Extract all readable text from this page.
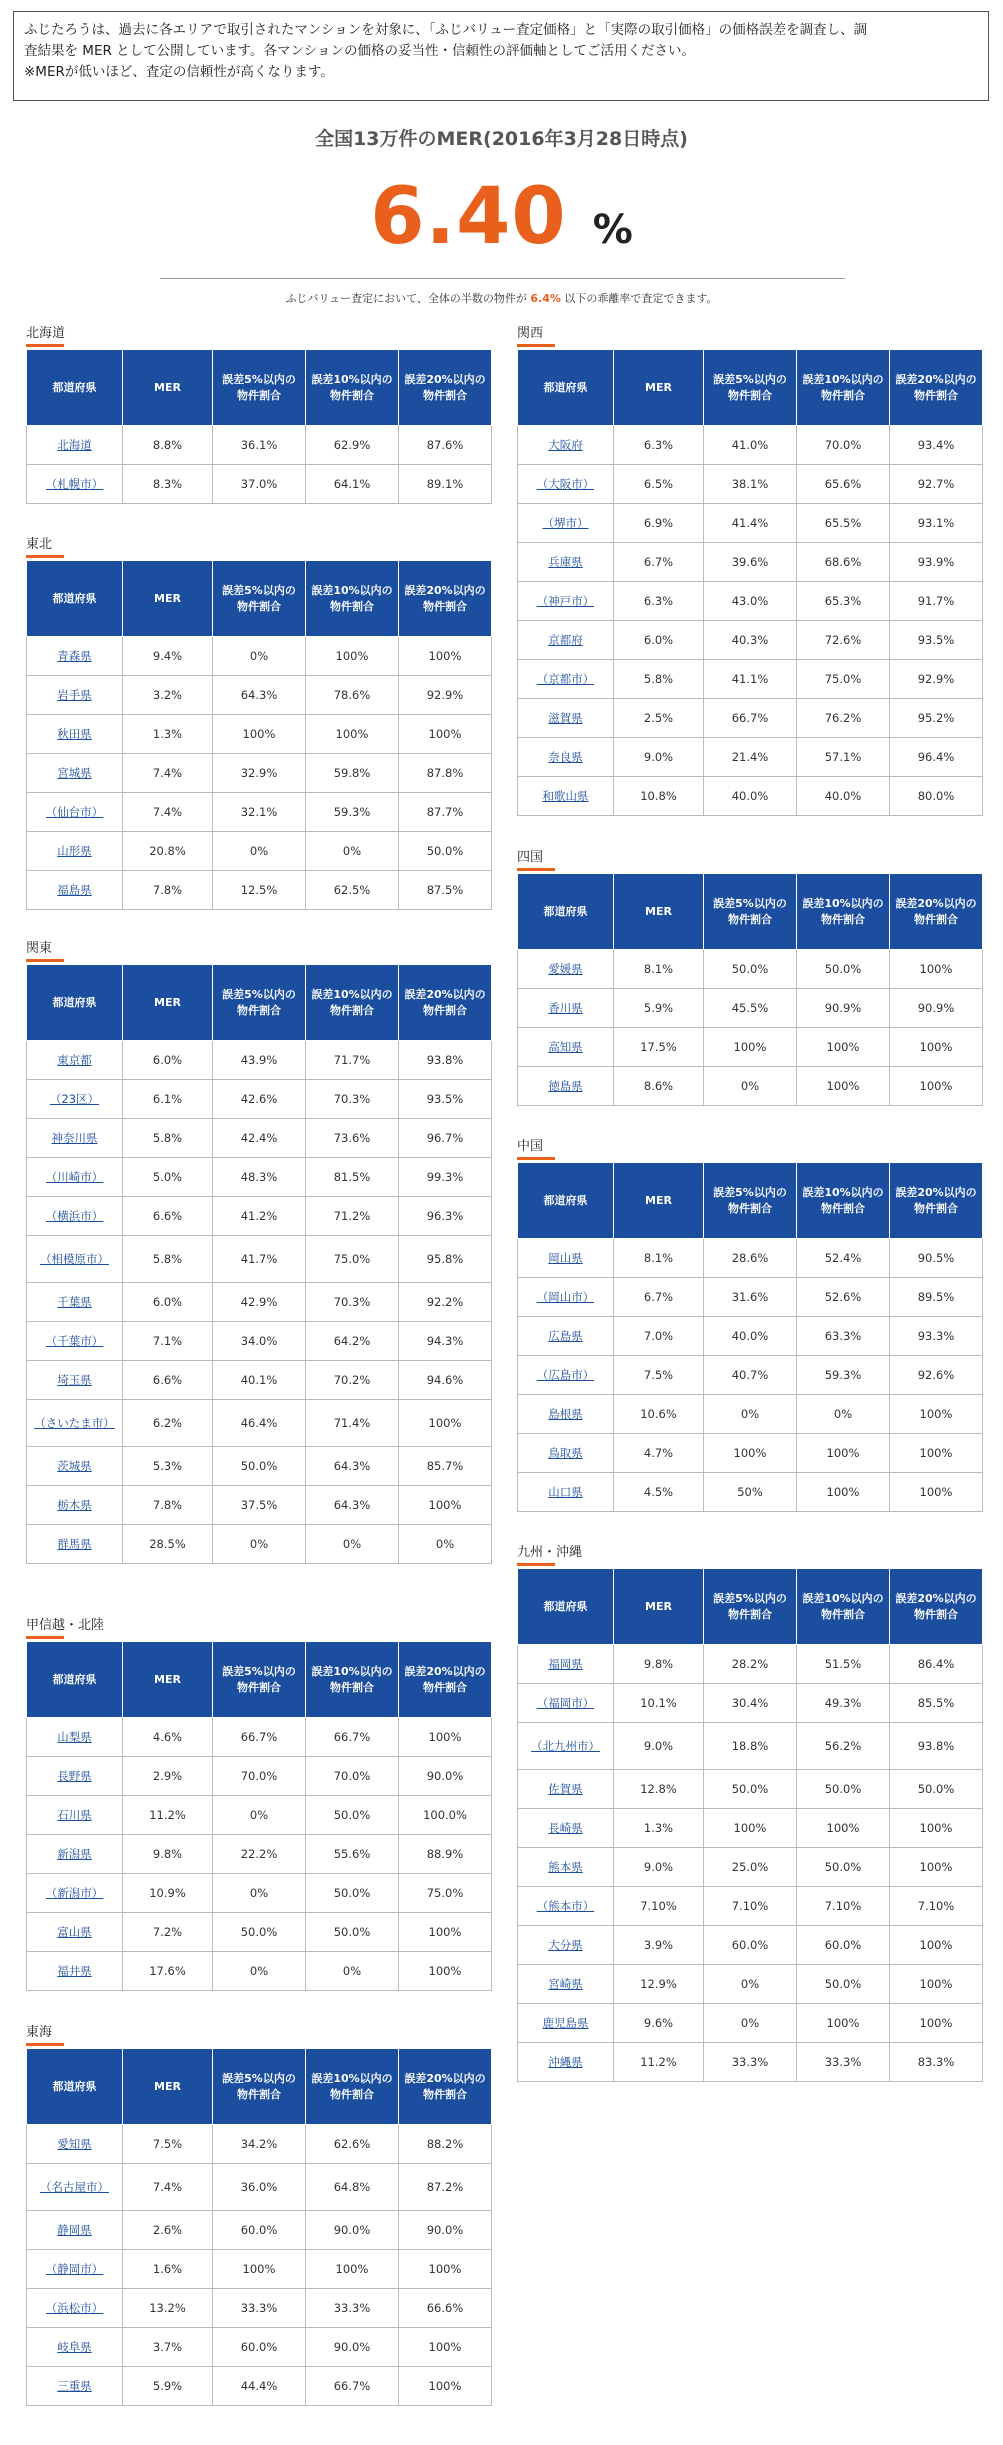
ふじたろうは、過去に各エリアで取引されたマンションを対象に、「ふじバリュー査定価格」と「実際の取引価格」の価格誤差を調査し、調
査結果を MER として公開しています。各マンションの価格の妥当性・信頼性の評価軸としてご活用ください。
※MERが低いほど、査定の信頼性が高くなります。
全国13万件のMER(2016年3月28日時点)
6.40 %
ふじバリュー査定において、全体の半数の物件が 6.4% 以下の乖離率で査定できます。
北海道
都道府県	MER	誤差5%以内の物件割合	誤差10%以内の物件割合	誤差20%以内の物件割合
北海道	8.8%	36.1%	62.9%	87.6%
（札幌市）	8.3%	37.0%	64.1%	89.1%
東北
都道府県	MER	誤差5%以内の物件割合	誤差10%以内の物件割合	誤差20%以内の物件割合
青森県	9.4%	0%	100%	100%
岩手県	3.2%	64.3%	78.6%	92.9%
秋田県	1.3%	100%	100%	100%
宮城県	7.4%	32.9%	59.8%	87.8%
（仙台市）	7.4%	32.1%	59.3%	87.7%
山形県	20.8%	0%	0%	50.0%
福島県	7.8%	12.5%	62.5%	87.5%
関東
都道府県	MER	誤差5%以内の物件割合	誤差10%以内の物件割合	誤差20%以内の物件割合
東京都	6.0%	43.9%	71.7%	93.8%
（23区）	6.1%	42.6%	70.3%	93.5%
神奈川県	5.8%	42.4%	73.6%	96.7%
（川崎市）	5.0%	48.3%	81.5%	99.3%
（横浜市）	6.6%	41.2%	71.2%	96.3%
（相模原市）	5.8%	41.7%	75.0%	95.8%
千葉県	6.0%	42.9%	70.3%	92.2%
（千葉市）	7.1%	34.0%	64.2%	94.3%
埼玉県	6.6%	40.1%	70.2%	94.6%
（さいたま市）	6.2%	46.4%	71.4%	100%
茨城県	5.3%	50.0%	64.3%	85.7%
栃木県	7.8%	37.5%	64.3%	100%
群馬県	28.5%	0%	0%	0%
甲信越・北陸
都道府県	MER	誤差5%以内の物件割合	誤差10%以内の物件割合	誤差20%以内の物件割合
山梨県	4.6%	66.7%	66.7%	100%
長野県	2.9%	70.0%	70.0%	90.0%
石川県	11.2%	0%	50.0%	100.0%
新潟県	9.8%	22.2%	55.6%	88.9%
（新潟市）	10.9%	0%	50.0%	75.0%
富山県	7.2%	50.0%	50.0%	100%
福井県	17.6%	0%	0%	100%
東海
都道府県	MER	誤差5%以内の物件割合	誤差10%以内の物件割合	誤差20%以内の物件割合
愛知県	7.5%	34.2%	62.6%	88.2%
（名古屋市）	7.4%	36.0%	64.8%	87.2%
静岡県	2.6%	60.0%	90.0%	90.0%
（静岡市）	1.6%	100%	100%	100%
（浜松市）	13.2%	33.3%	33.3%	66.6%
岐阜県	3.7%	60.0%	90.0%	100%
三重県	5.9%	44.4%	66.7%	100%
関西
都道府県	MER	誤差5%以内の物件割合	誤差10%以内の物件割合	誤差20%以内の物件割合
大阪府	6.3%	41.0%	70.0%	93.4%
（大阪市）	6.5%	38.1%	65.6%	92.7%
（堺市）	6.9%	41.4%	65.5%	93.1%
兵庫県	6.7%	39.6%	68.6%	93.9%
（神戸市）	6.3%	43.0%	65.3%	91.7%
京都府	6.0%	40.3%	72.6%	93.5%
（京都市）	5.8%	41.1%	75.0%	92.9%
滋賀県	2.5%	66.7%	76.2%	95.2%
奈良県	9.0%	21.4%	57.1%	96.4%
和歌山県	10.8%	40.0%	40.0%	80.0%
四国
都道府県	MER	誤差5%以内の物件割合	誤差10%以内の物件割合	誤差20%以内の物件割合
愛媛県	8.1%	50.0%	50.0%	100%
香川県	5.9%	45.5%	90.9%	90.9%
高知県	17.5%	100%	100%	100%
徳島県	8.6%	0%	100%	100%
中国
都道府県	MER	誤差5%以内の物件割合	誤差10%以内の物件割合	誤差20%以内の物件割合
岡山県	8.1%	28.6%	52.4%	90.5%
（岡山市）	6.7%	31.6%	52.6%	89.5%
広島県	7.0%	40.0%	63.3%	93.3%
（広島市）	7.5%	40.7%	59.3%	92.6%
島根県	10.6%	0%	0%	100%
鳥取県	4.7%	100%	100%	100%
山口県	4.5%	50%	100%	100%
九州・沖縄
都道府県	MER	誤差5%以内の物件割合	誤差10%以内の物件割合	誤差20%以内の物件割合
福岡県	9.8%	28.2%	51.5%	86.4%
（福岡市）	10.1%	30.4%	49.3%	85.5%
（北九州市）	9.0%	18.8%	56.2%	93.8%
佐賀県	12.8%	50.0%	50.0%	50.0%
長崎県	1.3%	100%	100%	100%
熊本県	9.0%	25.0%	50.0%	100%
（熊本市）	7.10%	7.10%	7.10%	7.10%
大分県	3.9%	60.0%	60.0%	100%
宮崎県	12.9%	0%	50.0%	100%
鹿児島県	9.6%	0%	100%	100%
沖縄県	11.2%	33.3%	33.3%	83.3%
